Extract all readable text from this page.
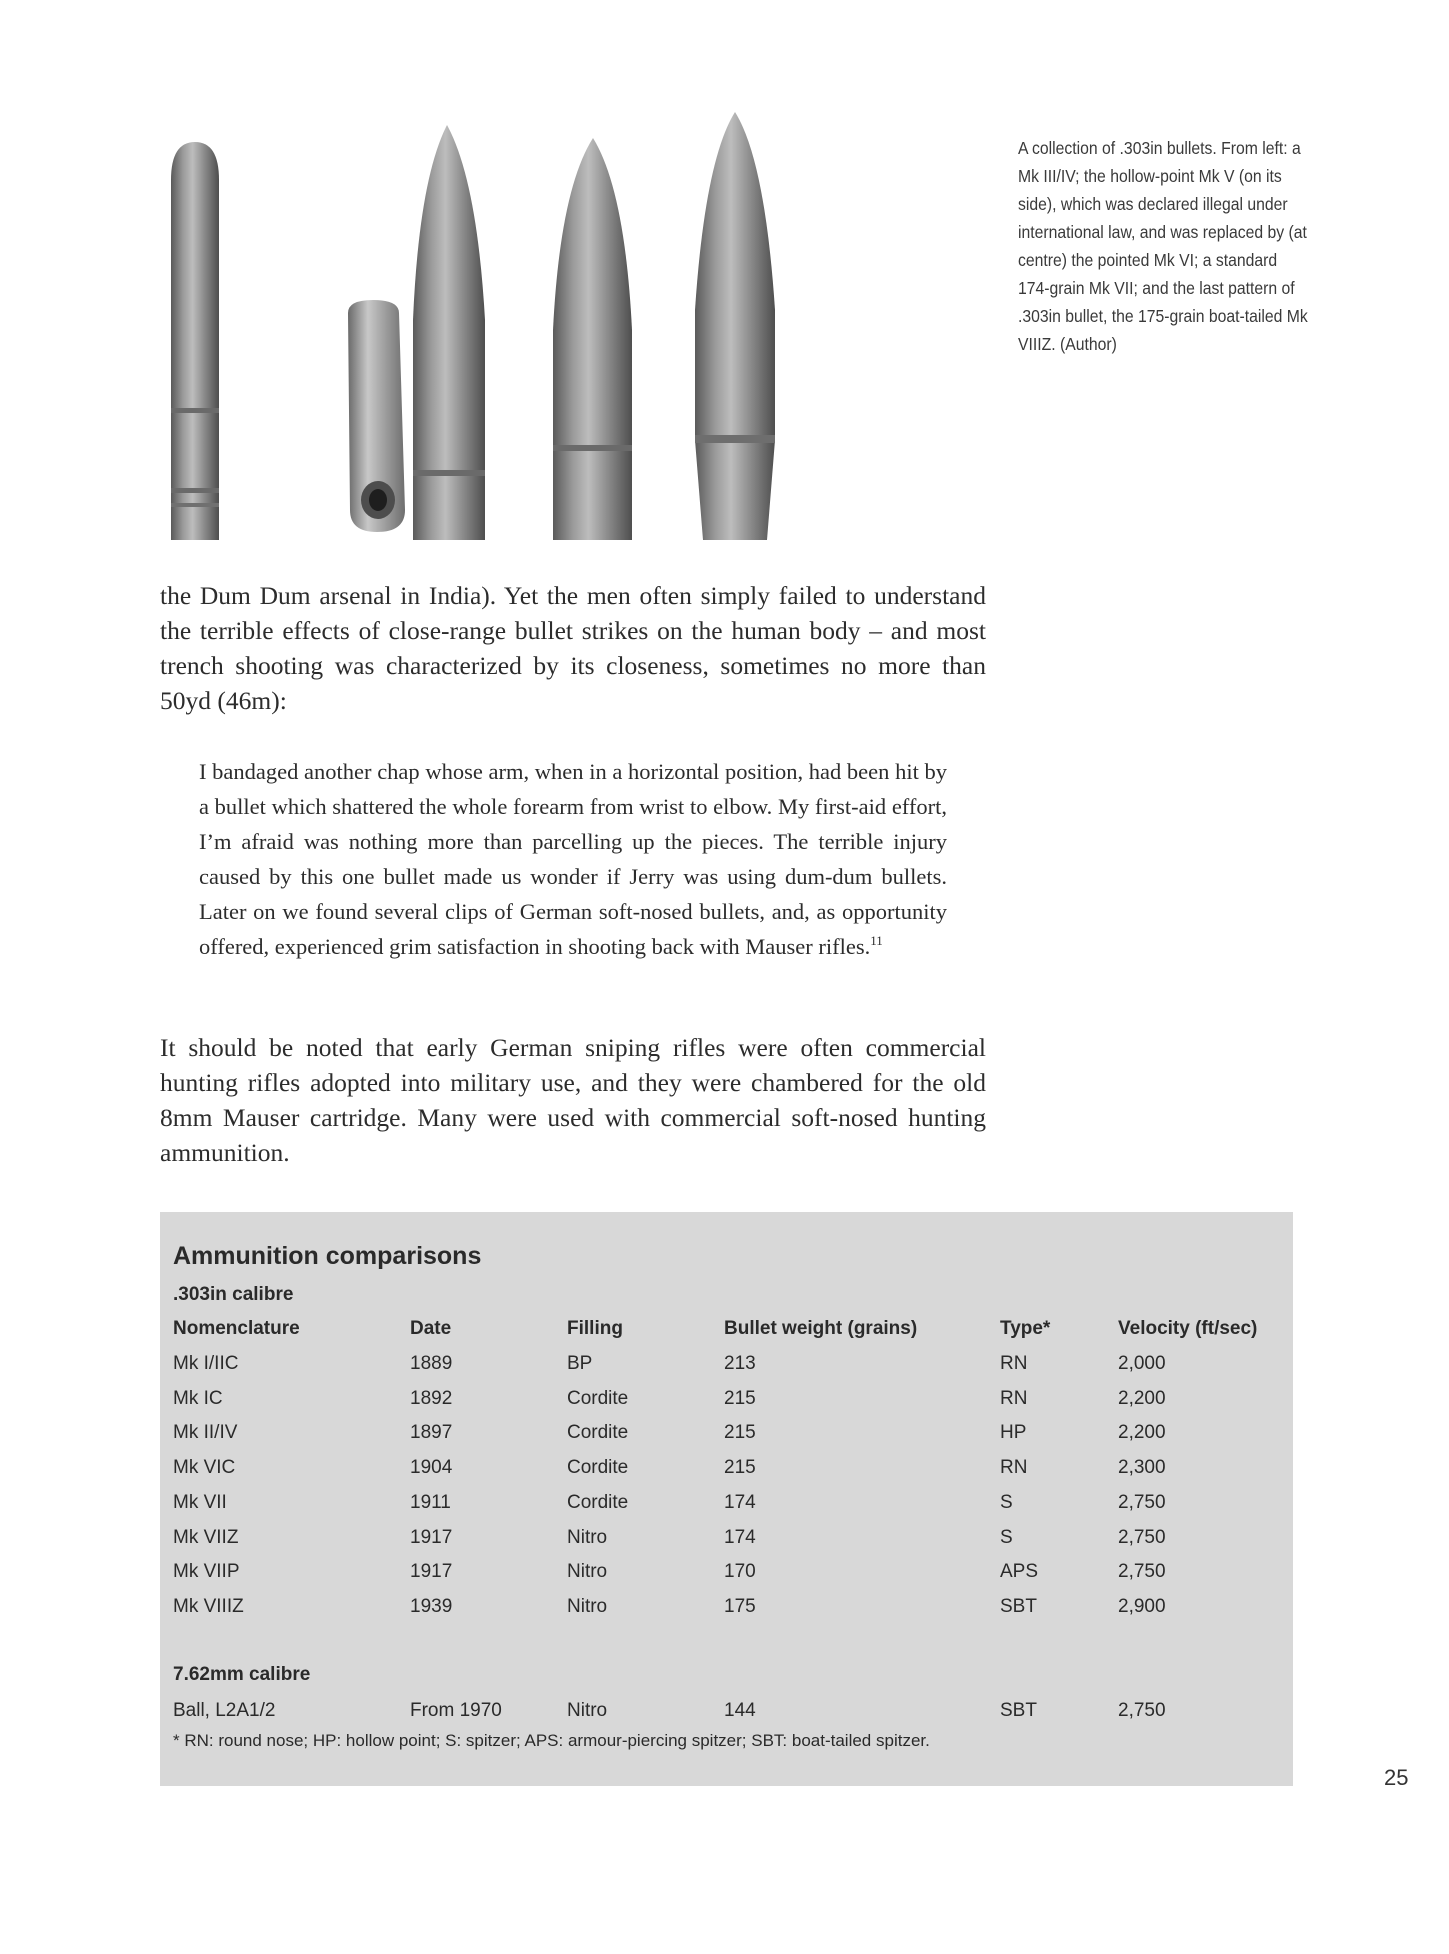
A collection of .303in bullets. From left: a Mk III/IV; the hollow-point Mk V (on its side), which was declared illegal under international law, and was replaced by (at centre) the pointed Mk VI; a standard 174-grain Mk VII; and the last pattern of .303in bullet, the 175-grain boat-tailed Mk VIIIZ. (Author)

the Dum Dum arsenal in India). Yet the men often simply failed to understand the terrible effects of close-range bullet strikes on the human body – and most trench shooting was characterized by its closeness, sometimes no more than 50yd (46m):

I bandaged another chap whose arm, when in a horizontal position, had been hit by a bullet which shattered the whole forearm from wrist to elbow. My first-aid effort, I’m afraid was nothing more than parcelling up the pieces. The terrible injury caused by this one bullet made us wonder if Jerry was using dum-dum bullets. Later on we found several clips of German soft-nosed bullets, and, as opportunity offered, experienced grim satisfaction in shooting back with Mauser rifles.$^{11}$

It should be noted that early German sniping rifles were often commercial hunting rifles adopted into military use, and they were chambered for the old 8mm Mauser cartridge. Many were used with commercial soft-nosed hunting ammunition.

Ammunition comparisons
.303in calibre
Nomenclature	Date	Filling	Bullet weight (grains)	Type*	Velocity (ft/sec)
Mk I/IIC	1889	BP	213	RN	2,000
Mk IC	1892	Cordite	215	RN	2,200
Mk II/IV	1897	Cordite	215	HP	2,200
Mk VIC	1904	Cordite	215	RN	2,300
Mk VII	1911	Cordite	174	S	2,750
Mk VIIZ	1917	Nitro	174	S	2,750
Mk VIIP	1917	Nitro	170	APS	2,750
Mk VIIIZ	1939	Nitro	175	SBT	2,900
7.62mm calibre
Ball, L2A1/2	From 1970	Nitro	144	SBT	2,750
* RN: round nose; HP: hollow point; S: spitzer; APS: armour-piercing spitzer; SBT: boat-tailed spitzer.
25
